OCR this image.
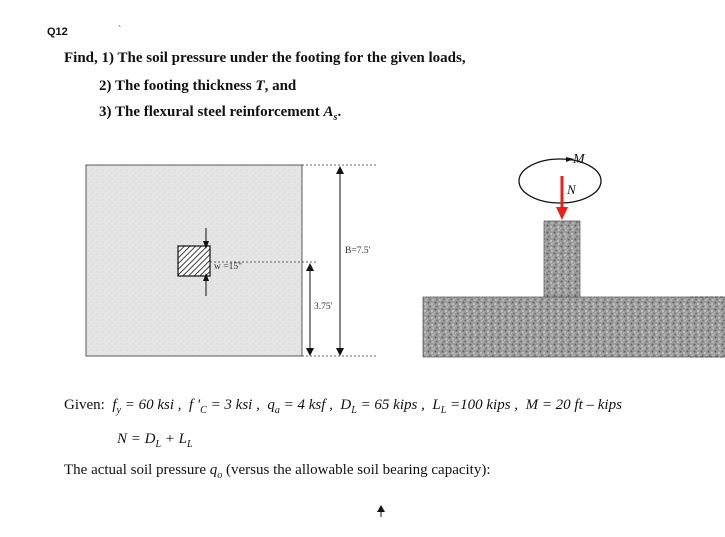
Q12	`
Find, 1) The soil pressure under the footing for the given loads,
2) The footing thickness T, and
3) The flexural steel reinforcement $A_s$.
B=7.5'
w =15"
3.75'
M
N
Given: $f_y = 60$ ksi , f '$_C = 3$ ksi , $q_a = 4$ ksf , $D_L = 65$ kips , $L_L =100$ kips , M = 20 ft – kips
$N = D_L + L_L$
The actual soil pressure $q_o$ (versus the allowable soil bearing capacity):
